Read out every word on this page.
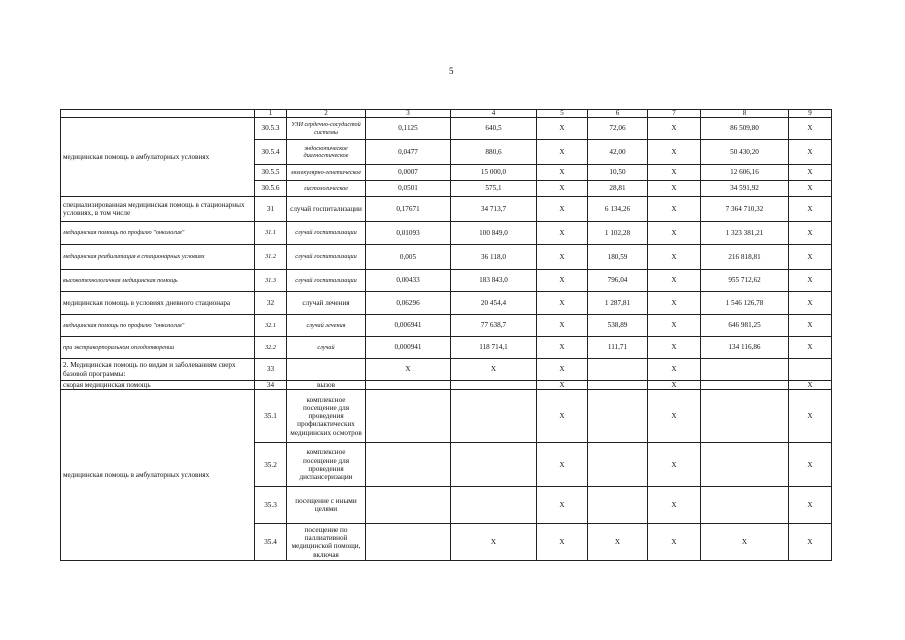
5
	1	2	3	4	5	6	7	8	9
медицинская помощь в амбулаторных условиях	30.5.3	УЗИ сердечно-сосудистой системы	0,1125	640,5	X	72,06	X	86 509,80	X
	30.5.4	эндоскопическое диагностическое	0,0477	880,6	X	42,00	X	50 430,20	X
	30.5.5	молекулярно-генетическое	0,0007	15 000,0	X	10,50	X	12 606,16	X
	30.5.6	гистологическое	0,0501	575,1	X	28,81	X	34 591,92	X
специализированная медицинская помощь в стационарных условиях, в том числе	31	случай госпитализации	0,17671	34 713,7	X	6 134,26	X	7 364 710,32	X
медицинская помощь по профилю "онкология"	31.1	случай госпитализации	0,01093	100 849,0	X	1 102,28	X	1 323 381,21	X
медицинская реабилитация в стационарных условиях	31.2	случай госпитализации	0,005	36 118,0	X	180,59	X	216 818,81	X
высокотехнологичная медицинская помощь	31.3	случай госпитализации	0,00433	183 843,0	X	796,04	X	955 712,62	X
медицинская помощь в условиях дневного стационара	32	случай лечения	0,06296	20 454,4	X	1 287,81	X	1 546 126,78	X
медицинская помощь по профилю "онкология"	32.1	случай лечения	0,006941	77 638,7	X	538,89	X	646 981,25	X
при экстракорпоральном оплодотворении	32.2	случай	0,000941	118 714,1	X	111,71	X	134 116,86	X
2. Медицинская помощь по видам и заболеваниям сверх базовой программы:	33		X	X	X		X		
скорая медицинская помощь	34	вызов			X		X		X
медицинская помощь в амбулаторных условиях	35.1	комплексное посещение для проведения профилактических медицинских осмотров			X		X		X
	35.2	комплексное посещение для проведения диспансеризации			X		X		X
	35.3	посещение с иными целями			X		X		X
	35.4	посещение по паллиативной медицинской помощи, включая		X	X	X	X	X	X
